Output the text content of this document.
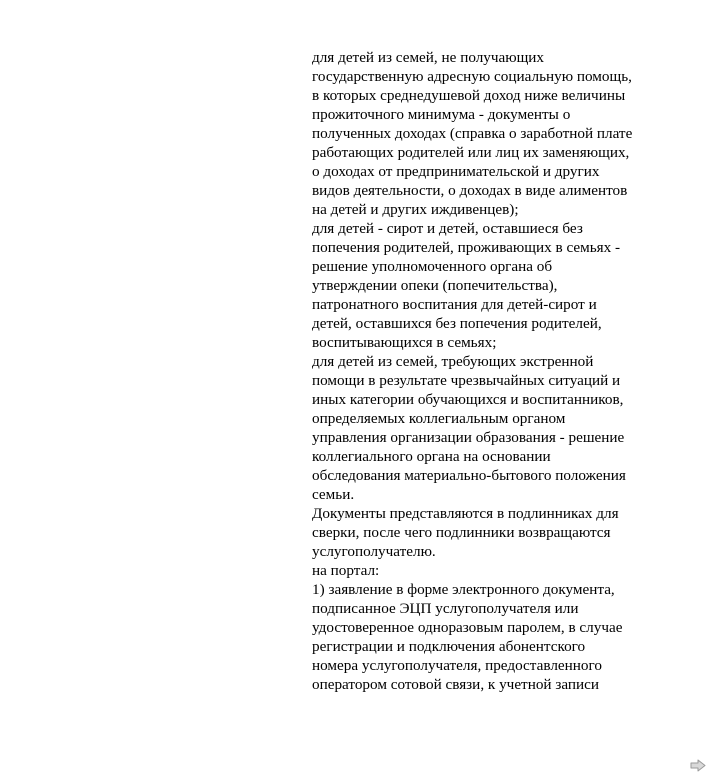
для детей из семей, не получающих
государственную адресную социальную помощь,
в которых среднедушевой доход ниже величины
прожиточного минимума - документы о
полученных доходах (справка о заработной плате
работающих родителей или лиц их заменяющих,
о доходах от предпринимательской и других
видов деятельности, о доходах в виде алиментов
на детей и других иждивенцев);
для детей - сирот и детей, оставшиеся без
попечения родителей, проживающих в семьях -
решение уполномоченного органа об
утверждении опеки (попечительства),
патронатного воспитания для детей-сирот и
детей, оставшихся без попечения родителей,
воспитывающихся в семьях;
для детей из семей, требующих экстренной
помощи в результате чрезвычайных ситуаций и
иных категории обучающихся и воспитанников,
определяемых коллегиальным органом
управления организации образования - решение
коллегиального органа на основании
обследования материально-бытового положения
семьи.
Документы представляются в подлинниках для
сверки, после чего подлинники возвращаются
услугополучателю.
на портал:
1) заявление в форме электронного документа,
подписанное ЭЦП услугополучателя или
удостоверенное одноразовым паролем, в случае
регистрации и подключения абонентского
номера услугополучателя, предоставленного
оператором сотовой связи, к учетной записи
